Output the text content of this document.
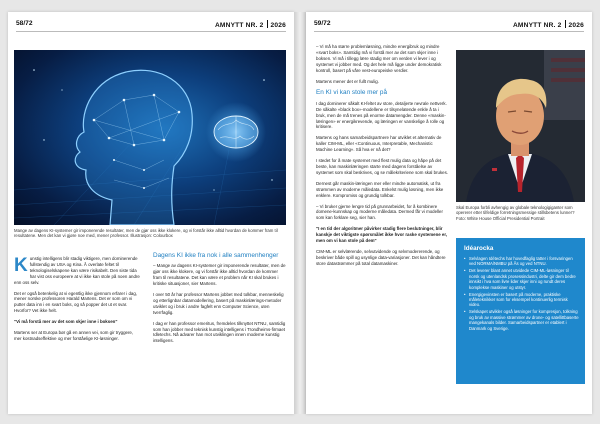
58/72	AMNYTT NR. 2 2026
Mange av dagens KI-systemer gir imponerende resultater, men de gjør oss ikke klokere, og vi forstår ikke alltid hvordan de kommer fram til resultatene. Men det kan vi gjøre noe med, mener professor. Illustrasjon: Colourbox

Kunstig intelligens blir stadig viktigere, men dominerende fullstendig av USA og Kina. Å overlate feltet til teknologiselskapene kan være risikabelt. Den siste tida har vist oss europeere at vi ikke kan stole på noen andre enn oss selv.

Det er også betenkelig at vi egentlig ikke gjennom erfarer i dag, mener norske professoren Harald Martens. Det er som om vi putter data inn i en svart boks, og så popper det ut et svar. Hvorfor? Vet ikke helt.

"Vi må forstå mer av det som skjer inne i boksen"

Martens ser at Europa bør gå en annen vei, som gir tryggere, mer kostnadseffektive og mer forståelige KI-løsninger.

Dagens KI ikke fra nok i alle sammenhenger

– Mange av dagens KI-systemer gir imponerende resultater, men de gjør oss ikke klokere, og vi forstår ikke alltid hvordan de kommer fram til resultatene. Det kan være et problem når KI skal brukes i kritiske situasjoner, sier Martens.

I over 50 år har professor Martens jobbet med tolkbar, menneskelig og etterlignbar datamodellering, basert på maskinlærings-metoder utviklet og i bruk i andre fagfelt enn Computer Science, uten tverrfaglig.

I dag er han professor emeritus, fremdeles tilknyttet NTNU, samtidig som han jobber med teknisk kunstig intelligens i Trondheims-firmaet Idletechs. Nå advarer han mot utviklingen innen moderne kunstig intelligens.

59/72	AMNYTT NR. 2 2026

– Vi må ha større problemløsning, mindre energibruk og mindre «svart boks». Samtidig må vi forstå mer av det som skjer inne i boksen. Vi må i tillegg lære stadig mer om verden vi lever i og systemet vi jobber med. Og det hele må ligge under demokratisk kontroll, basert på våre vest-europeiske verdier.

Martens mener det er fullt mulig.

En KI vi kan stole mer på

I dag dominerer såkalt KI-feltet av store, detaljerte nevrale nettverk. De såkalte «black box»-modellene er tilsynelatende enkle å ta i bruk, men de må trenes på enorme datamengder. Denne «maskin-læringen» er energikrevende, og læringen er vanskelige å rolle og kritisere.

Martens og hans samarbeidspartnere har utviklet et alternativ de kaller CIM-ML, eller «Continuous, Interpretable, Mechanistic Machine Learning». Så hva er nå det?

I stedet for å mate systemet med flest mulig data og håpe på det beste, kan maskinlæringen starte med dagens forståelse av systemet som skal beskrives, og se målekriteriene som skal brukes.

Dernest går maskin-læringen mer eller mindre automatisk, ut fra strømmen av moderne måledata. Enkelst mulig løsning, men ikke enklere. Kompromiss og grundig tolkbar.

– Vi bruker gjerne lengre tid på grunnarbeidet, for å kombinere domene-kunnskap og moderne måledata. Dermed får vi modeller som kan forklare seg, sier han.

"I en tid der algoritmer påvirker stadig flere beslutninger, blir kanskje det viktigste spørsmålet ikke hvor raske systemene er, men om vi kan stole på dem"

CIM-ML er selvlærende, selvutvidende og selvmodererende, og beskriver både spill og usynlige data-variasjoner. Det kan håndtere store datastrømmer på total datamaskiner.

Skal Europa forbli avhengig av globale teknologigiganter som opererer etter tilfeldige forretningsmessige stillsbetens lunner? Foto: White House Official Presidential Portrait
Idéarocka
• Selvlagen Idétechs har hovedfaglig tatter i forsvaringen ved NORMA/NMBU på Ås og ved NTNU.
• Det leverer blant annet utvidede CIM-ML-løsninger til norsk og utenlandsk prosessindustri, delte gir dem bedre innsikt i hva som livre lider skjer inni og rundt deres komplekse maskiner og utstyr.
• Energigevinsten er basert på moderne, praktiske måleteknikker som for eksempel kontinuerlig termisk video.
• Selskapet utvikler også løsninger for kompresjon, tolkning og bruk av massive strømmer av drone- og satellittbaserte mangekanals bilder. Samarbeidspartner er etablert i Danmark og Sverige.
